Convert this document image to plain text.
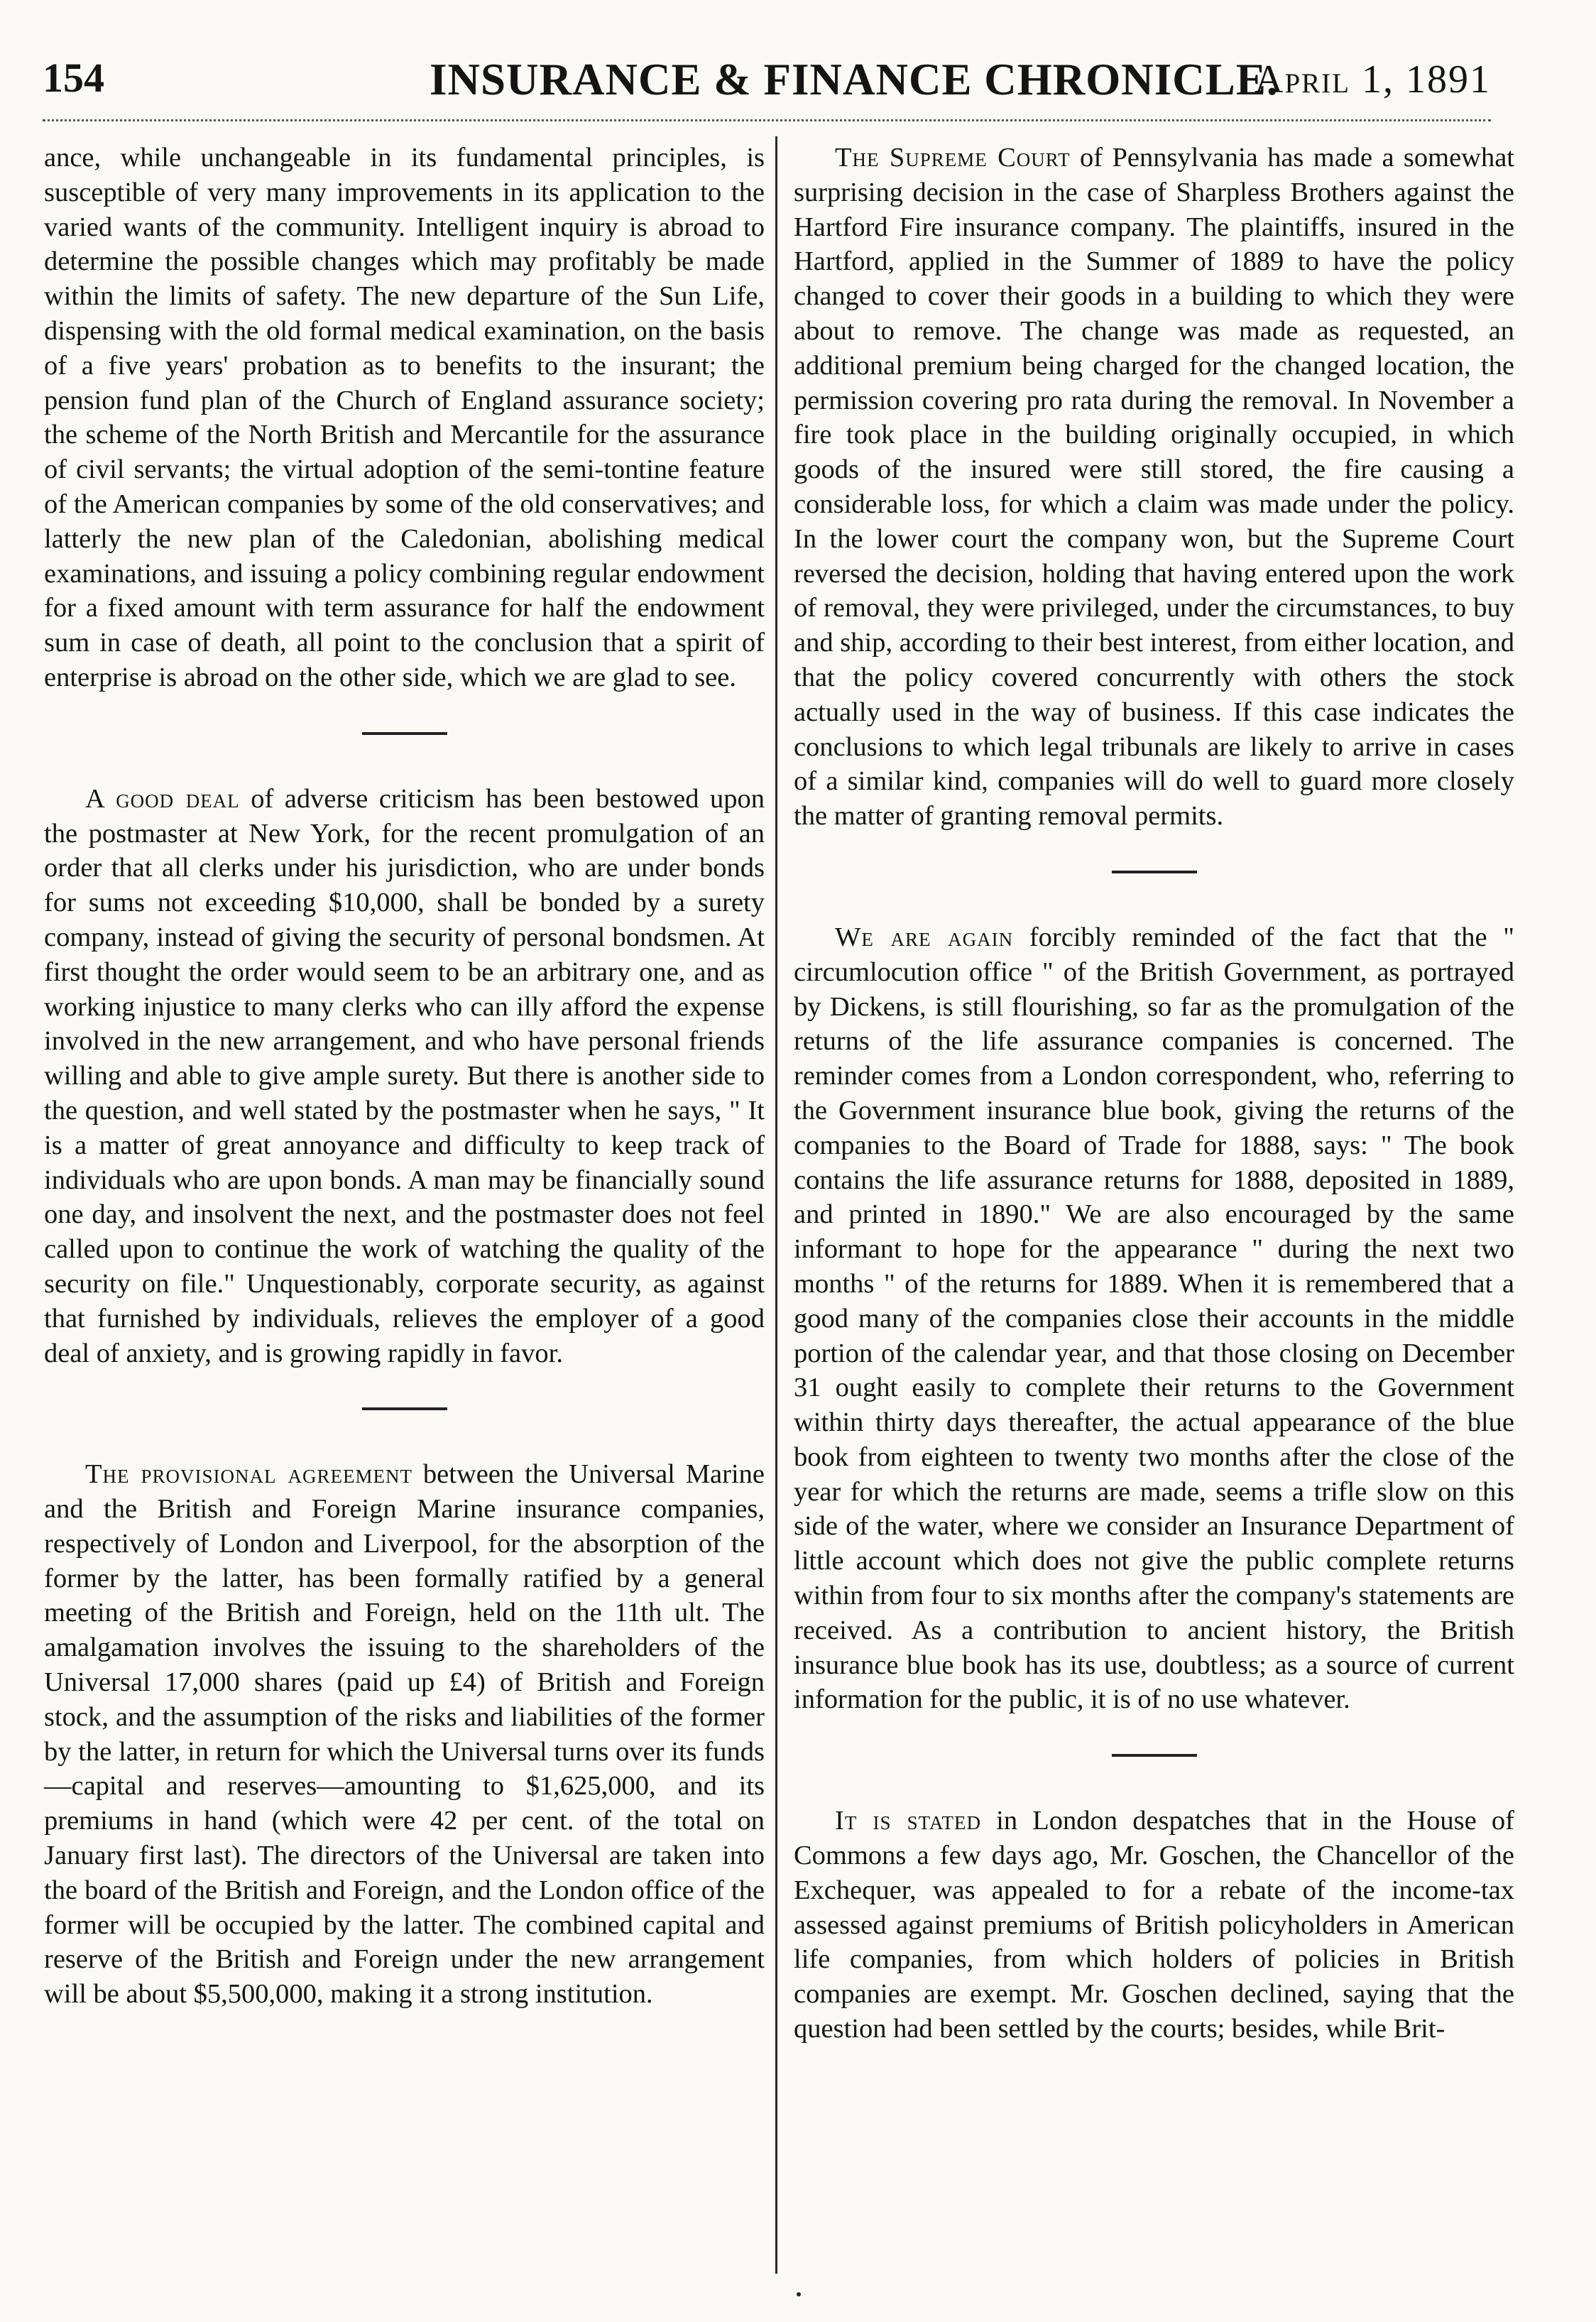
154	INSURANCE & FINANCE CHRONICLE.
April 1, 1891

ance, while unchangeable in its fundamental principles, is susceptible of very many improvements in its application to the varied wants of the community. Intelligent inquiry is abroad to determine the possible changes which may profitably be made within the limits of safety. The new departure of the Sun Life, dispensing with the old formal medical examination, on the basis of a five years' probation as to benefits to the insurant; the pension fund plan of the Church of England assurance society; the scheme of the North British and Mercantile for the assurance of civil servants; the virtual adoption of the semi-tontine feature of the American companies by some of the old conservatives; and latterly the new plan of the Caledonian, abolishing medical examinations, and issuing a policy combining regular endowment for a fixed amount with term assurance for half the endowment sum in case of death, all point to the conclusion that a spirit of enterprise is abroad on the other side, which we are glad to see.

A good deal of adverse criticism has been bestowed upon the postmaster at New York, for the recent promulgation of an order that all clerks under his jurisdiction, who are under bonds for sums not exceeding $10,000, shall be bonded by a surety company, instead of giving the security of personal bondsmen. At first thought the order would seem to be an arbitrary one, and as working injustice to many clerks who can illy afford the expense involved in the new arrangement, and who have personal friends willing and able to give ample surety. But there is another side to the question, and well stated by the postmaster when he says, " It is a matter of great annoyance and difficulty to keep track of individuals who are upon bonds. A man may be financially sound one day, and insolvent the next, and the postmaster does not feel called upon to continue the work of watching the quality of the security on file." Unquestionably, corporate security, as against that furnished by individuals, relieves the employer of a good deal of anxiety, and is growing rapidly in favor.

The provisional agreement between the Universal Marine and the British and Foreign Marine insurance companies, respectively of London and Liverpool, for the absorption of the former by the latter, has been formally ratified by a general meeting of the British and Foreign, held on the 11th ult. The amalgamation involves the issuing to the shareholders of the Universal 17,000 shares (paid up £4) of British and Foreign stock, and the assumption of the risks and liabilities of the former by the latter, in return for which the Universal turns over its funds—capital and reserves—amounting to $1,625,000, and its premiums in hand (which were 42 per cent. of the total on January first last). The directors of the Universal are taken into the board of the British and Foreign, and the London office of the former will be occupied by the latter. The combined capital and reserve of the British and Foreign under the new arrangement will be about $5,500,000, making it a strong institution.

The Supreme Court of Pennsylvania has made a somewhat surprising decision in the case of Sharpless Brothers against the Hartford Fire insurance company. The plaintiffs, insured in the Hartford, applied in the Summer of 1889 to have the policy changed to cover their goods in a building to which they were about to remove. The change was made as requested, an additional premium being charged for the changed location, the permission covering pro rata during the removal. In November a fire took place in the building originally occupied, in which goods of the insured were still stored, the fire causing a considerable loss, for which a claim was made under the policy. In the lower court the company won, but the Supreme Court reversed the decision, holding that having entered upon the work of removal, they were privileged, under the circumstances, to buy and ship, according to their best interest, from either location, and that the policy covered concurrently with others the stock actually used in the way of business. If this case indicates the conclusions to which legal tribunals are likely to arrive in cases of a similar kind, companies will do well to guard more closely the matter of granting removal permits.

We are again forcibly reminded of the fact that the " circumlocution office " of the British Government, as portrayed by Dickens, is still flourishing, so far as the promulgation of the returns of the life assurance companies is concerned. The reminder comes from a London correspondent, who, referring to the Government insurance blue book, giving the returns of the companies to the Board of Trade for 1888, says: " The book contains the life assurance returns for 1888, deposited in 1889, and printed in 1890." We are also encouraged by the same informant to hope for the appearance " during the next two months " of the returns for 1889. When it is remembered that a good many of the companies close their accounts in the middle portion of the calendar year, and that those closing on December 31 ought easily to complete their returns to the Government within thirty days thereafter, the actual appearance of the blue book from eighteen to twenty two months after the close of the year for which the returns are made, seems a trifle slow on this side of the water, where we consider an Insurance Department of little account which does not give the public complete returns within from four to six months after the company's statements are received. As a contribution to ancient history, the British insurance blue book has its use, doubtless; as a source of current information for the public, it is of no use whatever.

It is stated in London despatches that in the House of Commons a few days ago, Mr. Goschen, the Chancellor of the Exchequer, was appealed to for a rebate of the income-tax assessed against premiums of British policyholders in American life companies, from which holders of policies in British companies are exempt. Mr. Goschen declined, saying that the question had been settled by the courts; besides, while Brit-
